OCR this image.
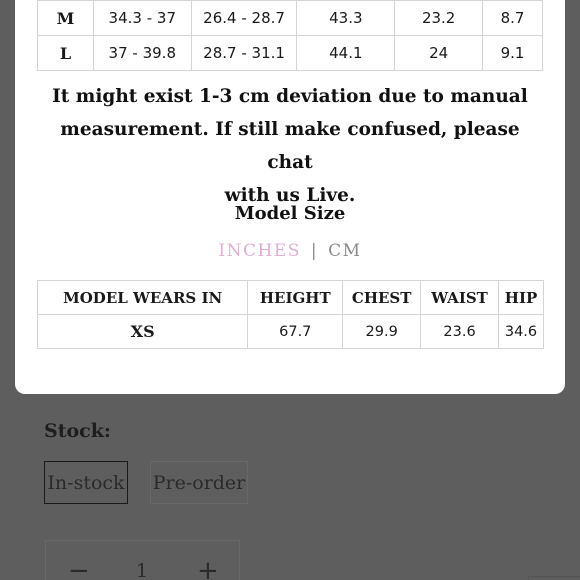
Stock:
In-stock Pre-order
− 1 +
M	34.3 - 37	26.4 - 28.7	43.3	23.2	8.7
L	37 - 39.8	28.7 - 31.1	44.1	24	9.1
It might exist 1-3 cm deviation due to manual
measurement. If still make confused, please chat
with us Live.
Model Size
INCHES | CM
MODEL WEARS IN	HEIGHT	CHEST	WAIST	HIP
XS	67.7	29.9	23.6	34.6
